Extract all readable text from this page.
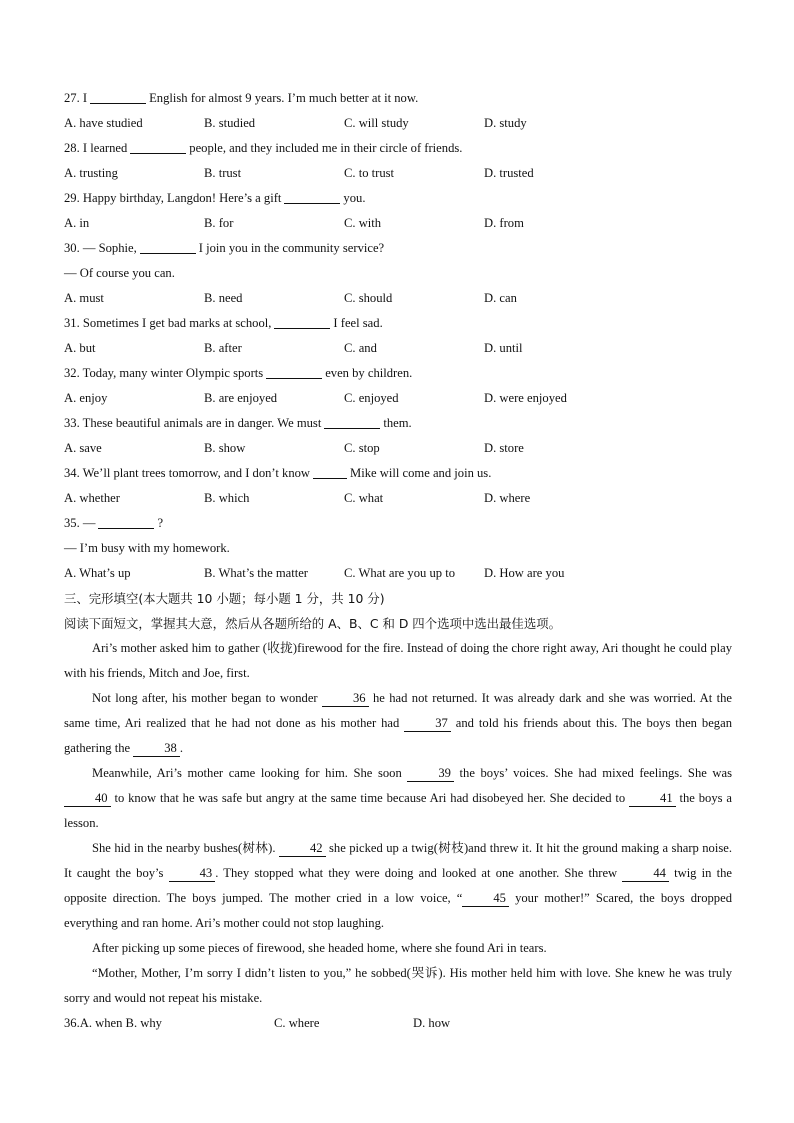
27. I	English for almost 9 years. I’m much better at it now.
A. have studied	B. studied	C. will study	D. study
28. I learned	people, and they included me in their circle of friends.
A. trusting	B. trust	C. to trust	D. trusted
29. Happy birthday, Langdon! Here’s a gift	you.
A. in	B. for	C. with	D. from
30. — Sophie,	I join you in the community service?
— Of course you can.
A. must	B. need	C. should	D. can
31. Sometimes I get bad marks at school,	I feel sad.
A. but	B. after	C. and	D. until
32. Today, many winter Olympic sports	even by children.
A. enjoy	B. are enjoyed	C. enjoyed	D. were enjoyed
33. These beautiful animals are in danger. We must	them.
A. save	B. show	C. stop	D. store
34. We’ll plant trees tomorrow, and I don’t know	Mike will come and join us.
A. whether	B. which	C. what	D. where
35. —	?
— I’m busy with my homework.
A. What’s up	B. What’s the matter	C. What are you up to D. How are you
三、完形填空(本大题共 10 小题；每小题 1 分，共 10 分)
阅读下面短文，掌握其大意，然后从各题所给的 A、B、C 和 D 四个选项中选出最佳选项。

Ari’s mother asked him to gather (收拢)firewood for the fire. Instead of doing the chore right away, Ari thought he could play with his friends, Mitch and Joe, first.

Not long after, his mother began to wonder	36 he had not returned. It was already dark and she was worried. At the same time, Ari realized that he had not done as his mother had	37 and told his friends about this. The boys then began gathering the	38 .

Meanwhile, Ari’s mother came looking for him. She soon	39 the boys’ voices. She had mixed feelings. She was 40 to know that he was safe but angry at the same time because Ari had disobeyed her. She decided to	41 the boys a lesson.

She hid in the nearby bushes(树林).	42 she picked up a twig(树枝)and threw it. It hit the ground making a sharp noise. It caught the boy’s	43 . They stopped what they were doing and looked at one another. She threw	44 twig in the opposite direction. The boys jumped. The mother cried in a low voice, “ 45 your mother!” Scared, the boys dropped everything and ran home. Ari’s mother could not stop laughing.

After picking up some pieces of firewood, she headed home, where she found Ari in tears.

“Mother, Mother, I’m sorry I didn’t listen to you,” he sobbed(哭诉). His mother held him with love. She knew he was truly sorry and would not repeat his mistake.

36.A. when B. why	C. where	D. how
